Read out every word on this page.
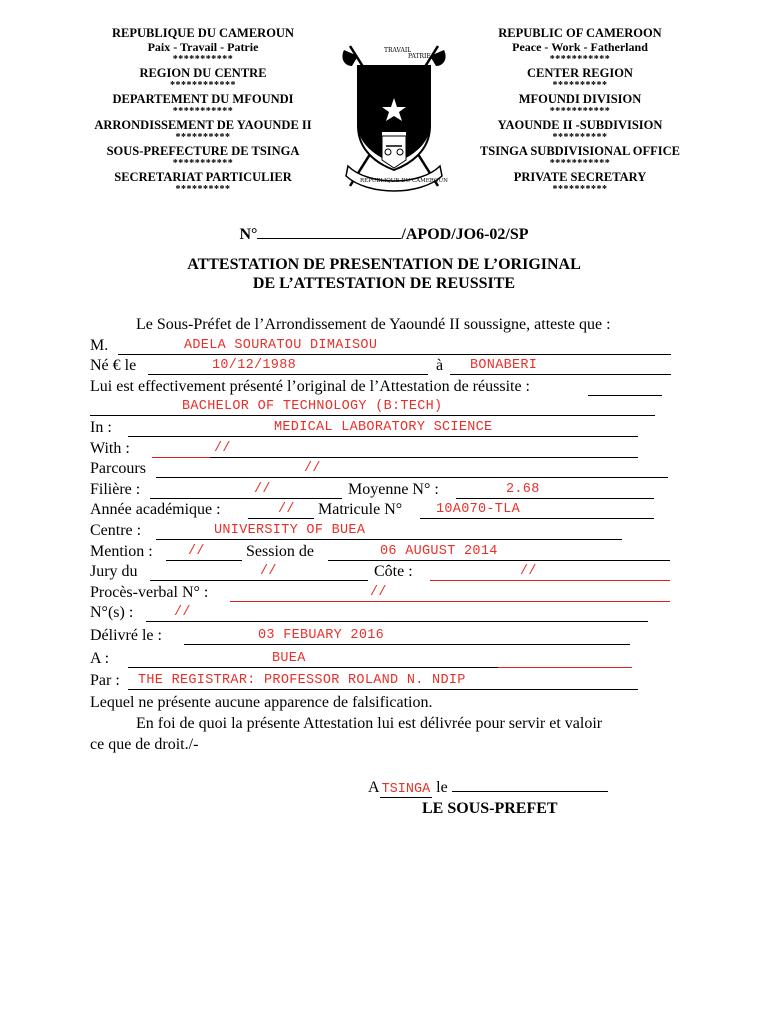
REPUBLIQUE DU CAMEROUN
Paix - Travail - Patrie
***********
REGION DU CENTRE
************
DEPARTEMENT DU MFOUNDI
***********
ARRONDISSEMENT DE YAOUNDE II
**********
SOUS-PREFECTURE DE TSINGA
***********
SECRETARIAT PARTICULIER
**********
TRAVAIL
PATRIE
REPUBLIQUE DU CAMEROUN
REPUBLIC OF CAMEROON
Peace - Work - Fatherland
***********
CENTER REGION
**********
MFOUNDI DIVISION
***********
YAOUNDE II -SUBDIVISION
**********
TSINGA SUBDIVISIONAL OFFICE
***********
PRIVATE SECRETARY
**********
N°	/APOD/JO6-02/SP
ATTESTATION DE PRESENTATION DE L’ORIGINAL
DE L’ATTESTATION DE REUSSITE
Le Sous-Préfet de l’Arrondissement de Yaoundé II soussigne, atteste que :
M.	ADELA SOURATOU DIMAISOU
Né € le	10/12/1988	à BONABERI
Lui est effectivement présenté l’original de l’Attestation de réussite :
BACHELOR OF TECHNOLOGY (B:TECH)
In :	MEDICAL LABORATORY SCIENCE
With :	//
Parcours	//
Filière :	//	Moyenne N° :	2.68
Année académique :	// Matricule N°	10A070-TLA
Centre :	UNIVERSITY OF BUEA
Mention :	//	Session de	06 AUGUST 2014
Jury du	//	Côte :	//
Procès-verbal N° :	//
N°(s) :	//
Délivré le :	03 FEBUARY 2016
A :	BUEA
Par : THE REGISTRAR: PROFESSOR ROLAND N. NDIP
Lequel ne présente aucune apparence de falsification.
En foi de quoi la présente Attestation lui est délivrée pour servir et valoir
ce que de droit./-
A TSINGA le
LE SOUS-PREFET
